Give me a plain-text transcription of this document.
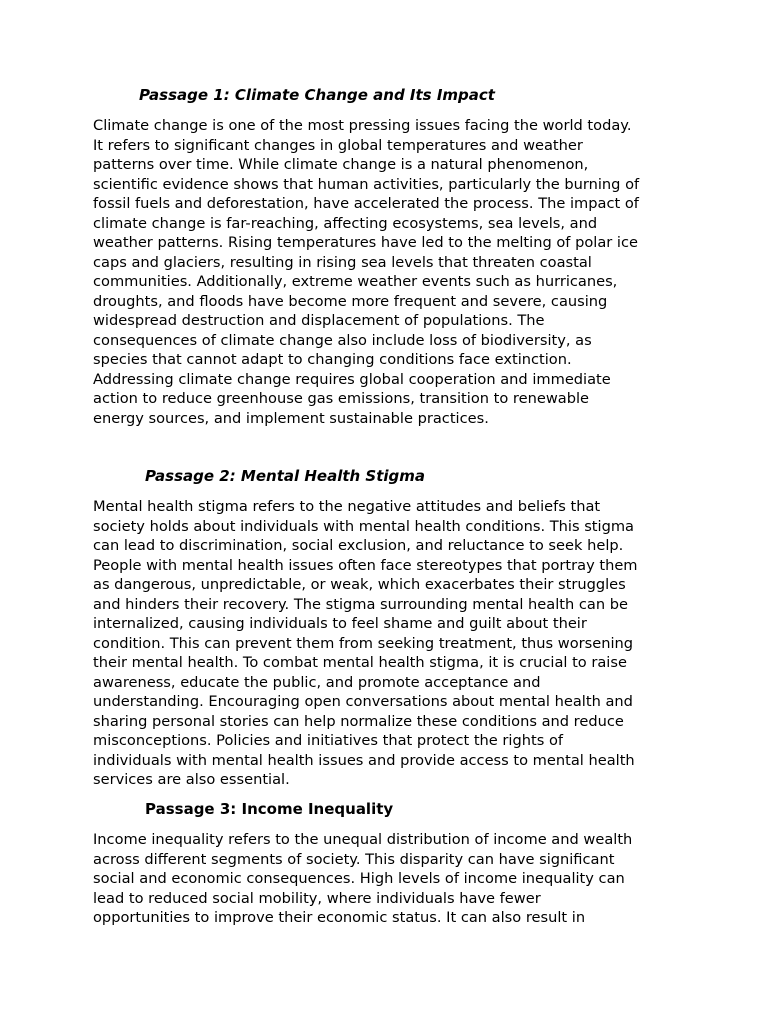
Passage 1: Climate Change and Its Impact
Climate change is one of the most pressing issues facing the world today.
It refers to significant changes in global temperatures and weather
patterns over time. While climate change is a natural phenomenon,
scientific evidence shows that human activities, particularly the burning of
fossil fuels and deforestation, have accelerated the process. The impact of
climate change is far-reaching, affecting ecosystems, sea levels, and
weather patterns. Rising temperatures have led to the melting of polar ice
caps and glaciers, resulting in rising sea levels that threaten coastal
communities. Additionally, extreme weather events such as hurricanes,
droughts, and floods have become more frequent and severe, causing
widespread destruction and displacement of populations. The
consequences of climate change also include loss of biodiversity, as
species that cannot adapt to changing conditions face extinction.
Addressing climate change requires global cooperation and immediate
action to reduce greenhouse gas emissions, transition to renewable
energy sources, and implement sustainable practices.
Passage 2: Mental Health Stigma
Mental health stigma refers to the negative attitudes and beliefs that
society holds about individuals with mental health conditions. This stigma
can lead to discrimination, social exclusion, and reluctance to seek help.
People with mental health issues often face stereotypes that portray them
as dangerous, unpredictable, or weak, which exacerbates their struggles
and hinders their recovery. The stigma surrounding mental health can be
internalized, causing individuals to feel shame and guilt about their
condition. This can prevent them from seeking treatment, thus worsening
their mental health. To combat mental health stigma, it is crucial to raise
awareness, educate the public, and promote acceptance and
understanding. Encouraging open conversations about mental health and
sharing personal stories can help normalize these conditions and reduce
misconceptions. Policies and initiatives that protect the rights of
individuals with mental health issues and provide access to mental health
services are also essential.
Passage 3: Income Inequality
Income inequality refers to the unequal distribution of income and wealth
across different segments of society. This disparity can have significant
social and economic consequences. High levels of income inequality can
lead to reduced social mobility, where individuals have fewer
opportunities to improve their economic status. It can also result in
